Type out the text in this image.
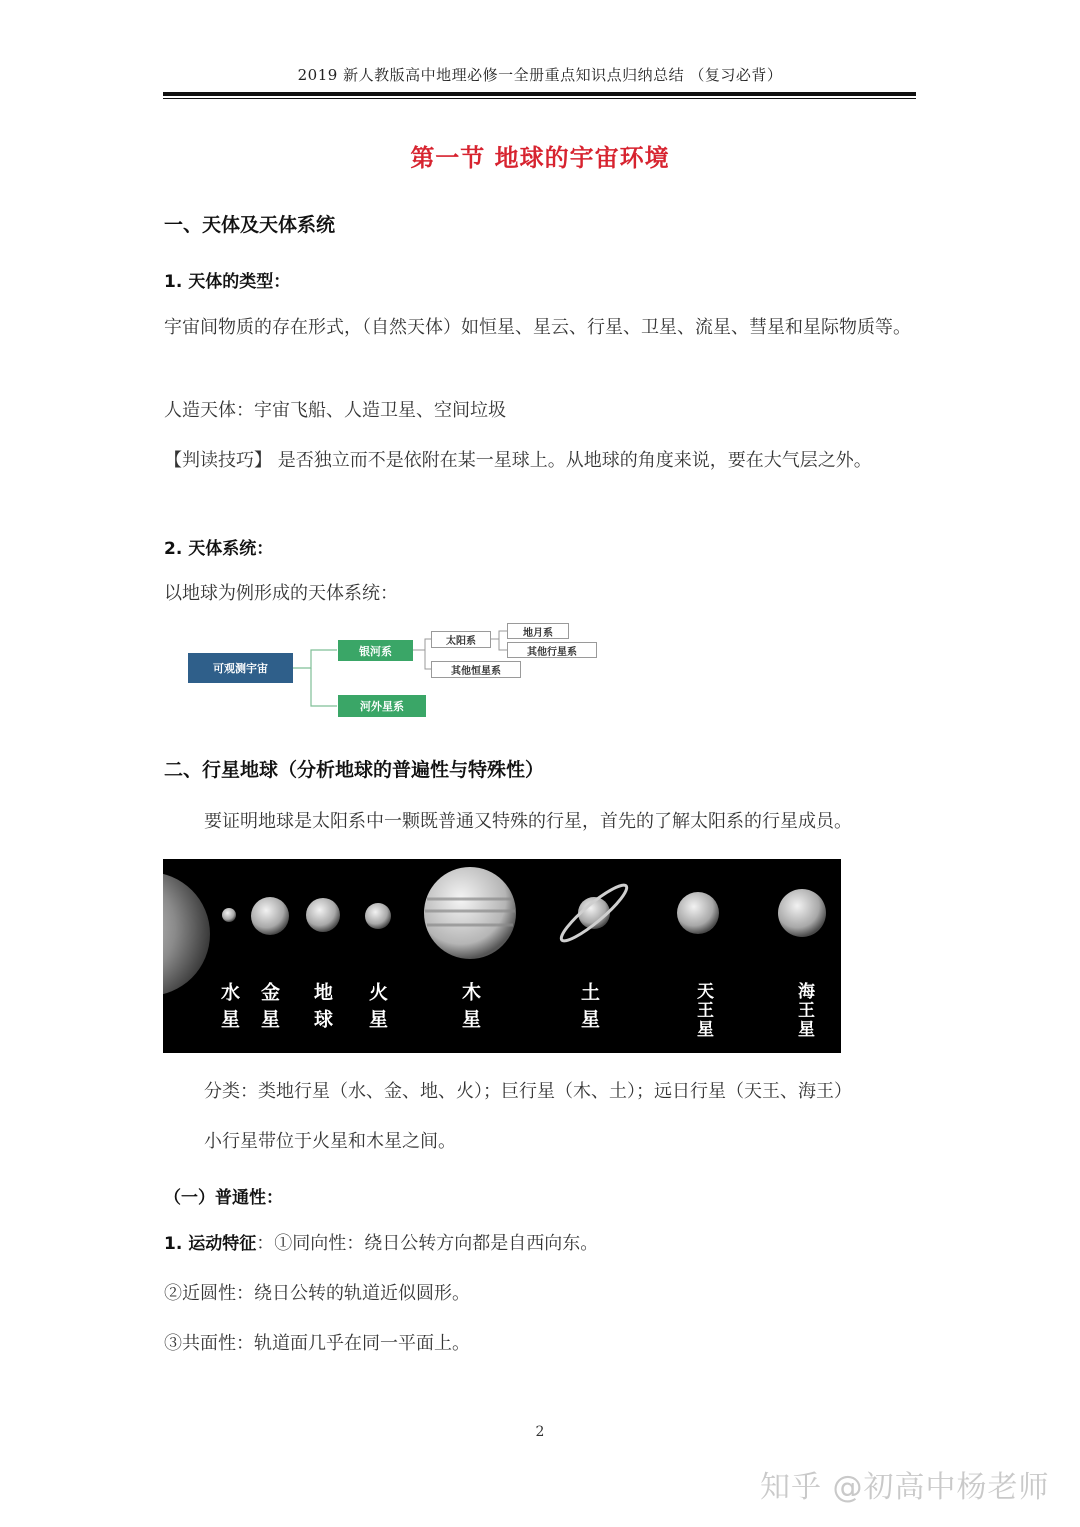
2019 新人教版高中地理必修一全册重点知识点归纳总结 （复习必背）
第一节 地球的宇宙环境
一、天体及天体系统
1. 天体的类型：
宇宙间物质的存在形式，（自然天体）如恒星、星云、行星、卫星、流星、彗星和星际物质等。
人造天体：宇宙飞船、人造卫星、空间垃圾
【判读技巧】 是否独立而不是依附在某一星球上。从地球的角度来说，要在大气层之外。
2. 天体系统：
以地球为例形成的天体系统：
可观测宇宙
银河系
河外星系
太阳系
其他恒星系
地月系
其他行星系
二、行星地球（分析地球的普遍性与特殊性）
要证明地球是太阳系中一颗既普通又特殊的行星，首先的了解太阳系的行星成员。
水星 金星 地球 火星	木星	土星	天王星	海王星
分类：类地行星（水、金、地、火）；巨行星（木、土）；远日行星（天王、海王）
小行星带位于火星和木星之间。
（一）普通性：
1. 运动特征：①同向性：绕日公转方向都是自西向东。
②近圆性：绕日公转的轨道近似圆形。
③共面性：轨道面几乎在同一平面上。
2
知乎 @初高中杨老师
